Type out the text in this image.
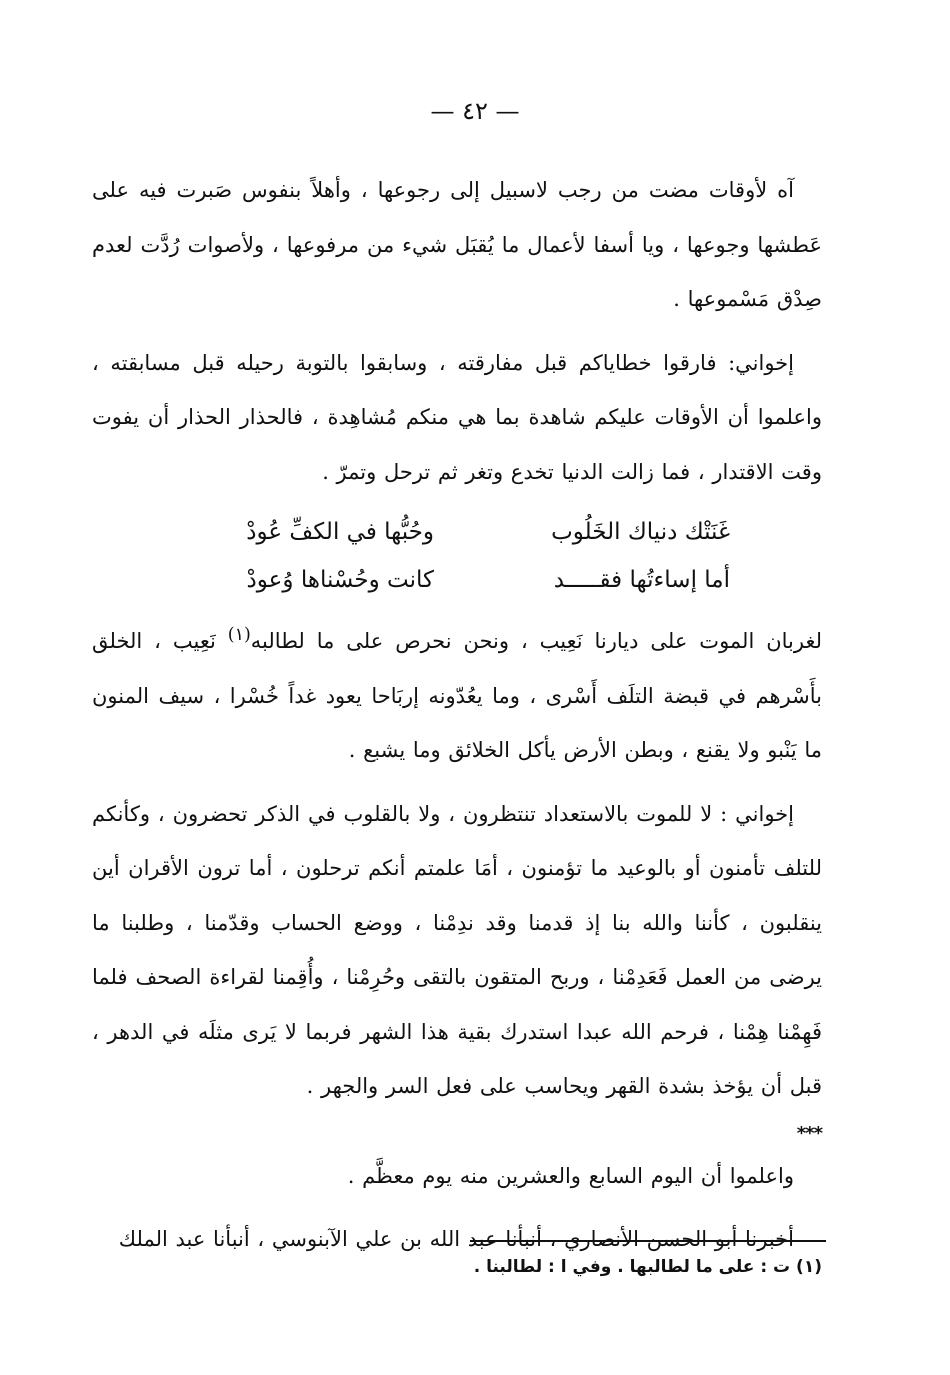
— ٤٢ —

آه لأوقات مضت من رجب لاسبيل إلى رجوعها ، وأهلاً بنفوس صَبرت فيه على عَطشها وجوعها ، ويا أسفا لأعمال ما يُقبَل شيء من مرفوعها ، ولأصوات رُدَّت لعدم صِدْق مَسْموعها .

إخواني: فارقوا خطاياكم قبل مفارقته ، وسابقوا بالتوبة رحيله قبل مسابقته ، واعلموا أن الأوقات عليكم شاهدة بما هي منكم مُشاهِدة ، فالحذار الحذار أن يفوت وقت الاقتدار ، فما زالت الدنيا تخدع وتغر ثم ترحل وتمرّ .

غَنَتْك دنياك الخَلُوب
وحُبُّها في الكفِّ عُودْ
أما إساءتُها فقـــــد
كانت وحُسْناها وُعودْ

لغربان الموت على ديارنا نَعِيب ، ونحن نحرص على ما لطالبه$^{(١)}$ نَعِيب ، الخلق بأَسْرهم في قبضة التلَف أَسْرى ، وما يعُدّونه إربَاحا يعود غداً خُسْرا ، سيف المنون ما يَنْبو ولا يقنع ، وبطن الأرض يأكل الخلائق وما يشبع .

إخواني : لا للموت بالاستعداد تنتظرون ، ولا بالقلوب في الذكر تحضرون ، وكأنكم للتلف تأمنون أو بالوعيد ما تؤمنون ، أمَا علمتم أنكم ترحلون ، أما ترون الأقران أين ينقلبون ، كأننا والله بنا إذ قدمنا وقد ندِمْنا ، ووضع الحساب وقدّمنا ، وطلبنا ما يرضى من العمل فَعَدِمْنا ، وربح المتقون بالتقى وحُرِمْنا ، وأُقِمنا لقراءة الصحف فلما فَهِمْنا هِمْنا ، فرحم الله عبدا استدرك بقية هذا الشهر فربما لا يَرى مثلَه في الدهر ، قبل أن يؤخذ بشدة القهر ويحاسب على فعل السر والجهر .

***

واعلموا أن اليوم السابع والعشرين منه يوم معظَّم .

أخبرنا أبو الحسن الأنصاري ، أنبأنا عبد الله بن علي الآبنوسي ، أنبأنا عبد الملك

(١) ت : على ما لطالبها . وفي ا : لطالبنا .
